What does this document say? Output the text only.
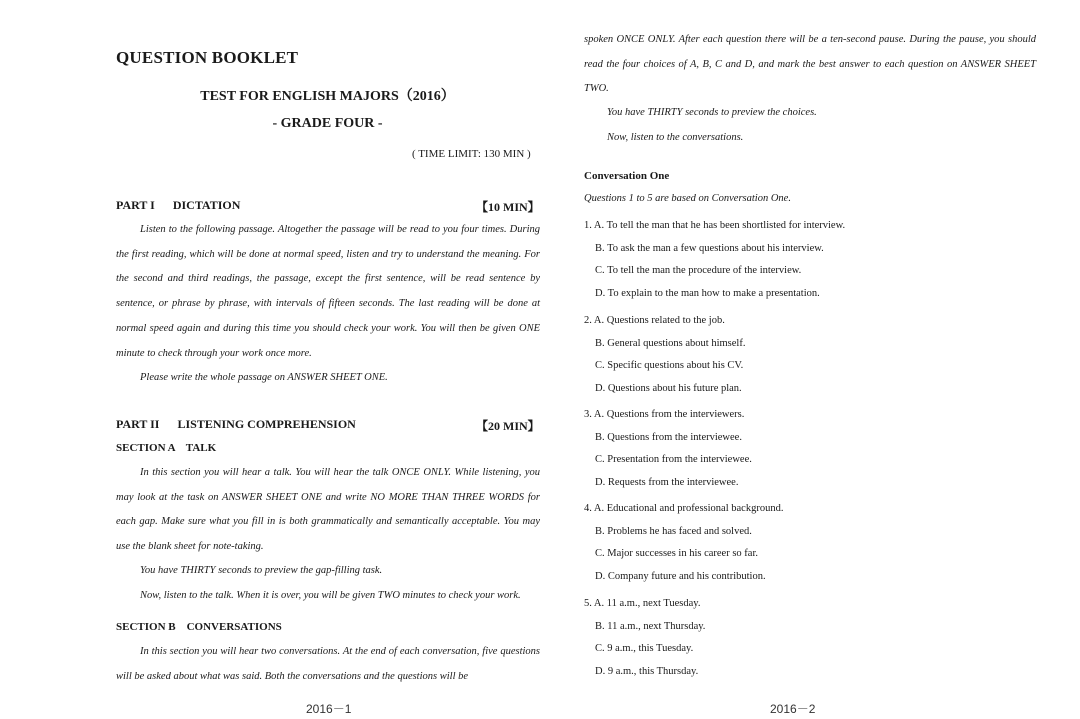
QUESTION BOOKLET
TEST FOR ENGLISH MAJORS（2016）
- GRADE FOUR -
( TIME LIMIT: 130 MIN )
PART I DICTATION	【10 MIN】

Listen to the following passage. Altogether the passage will be read to you four times. During the first reading, which will be done at normal speed, listen and try to understand the meaning. For the second and third readings, the passage, except the first sentence, will be read sentence by sentence, or phrase by phrase, with intervals of fifteen seconds. The last reading will be done at normal speed again and during this time you should check your work. You will then be given ONE minute to check through your work once more.

Please write the whole passage on ANSWER SHEET ONE.
PART II LISTENING COMPREHENSION	【20 MIN】
SECTION A    TALK

In this section you will hear a talk. You will hear the talk ONCE ONLY. While listening, you may look at the task on ANSWER SHEET ONE and write NO MORE THAN THREE WORDS for each gap. Make sure what you fill in is both grammatically and semantically acceptable. You may use the blank sheet for note-taking.

You have THIRTY seconds to preview the gap-filling task.
Now, listen to the talk. When it is over, you will be given TWO minutes to check your work.
SECTION B    CONVERSATIONS

In this section you will hear two conversations. At the end of each conversation, five questions will be asked about what was said. Both the conversations and the questions will be

2016－1

spoken ONCE ONLY. After each question there will be a ten-second pause. During the pause, you should read the four choices of A, B, C and D, and mark the best answer to each question on ANSWER SHEET TWO.

You have THIRTY seconds to preview the choices.
Now, listen to the conversations.
Conversation One
Questions 1 to 5 are based on Conversation One.
1. A. To tell the man that he has been shortlisted for interview.
B. To ask the man a few questions about his interview.
C. To tell the man the procedure of the interview.
D. To explain to the man how to make a presentation.
2. A. Questions related to the job.
B. General questions about himself.
C. Specific questions about his CV.
D. Questions about his future plan.
3. A. Questions from the interviewers.
B. Questions from the interviewee.
C. Presentation from the interviewee.
D. Requests from the interviewee.
4. A. Educational and professional background.
B. Problems he has faced and solved.
C. Major successes in his career so far.
D. Company future and his contribution.
5. A. 11 a.m., next Tuesday.
B. 11 a.m., next Thursday.
C. 9 a.m., this Tuesday.
D. 9 a.m., this Thursday.
2016－2
